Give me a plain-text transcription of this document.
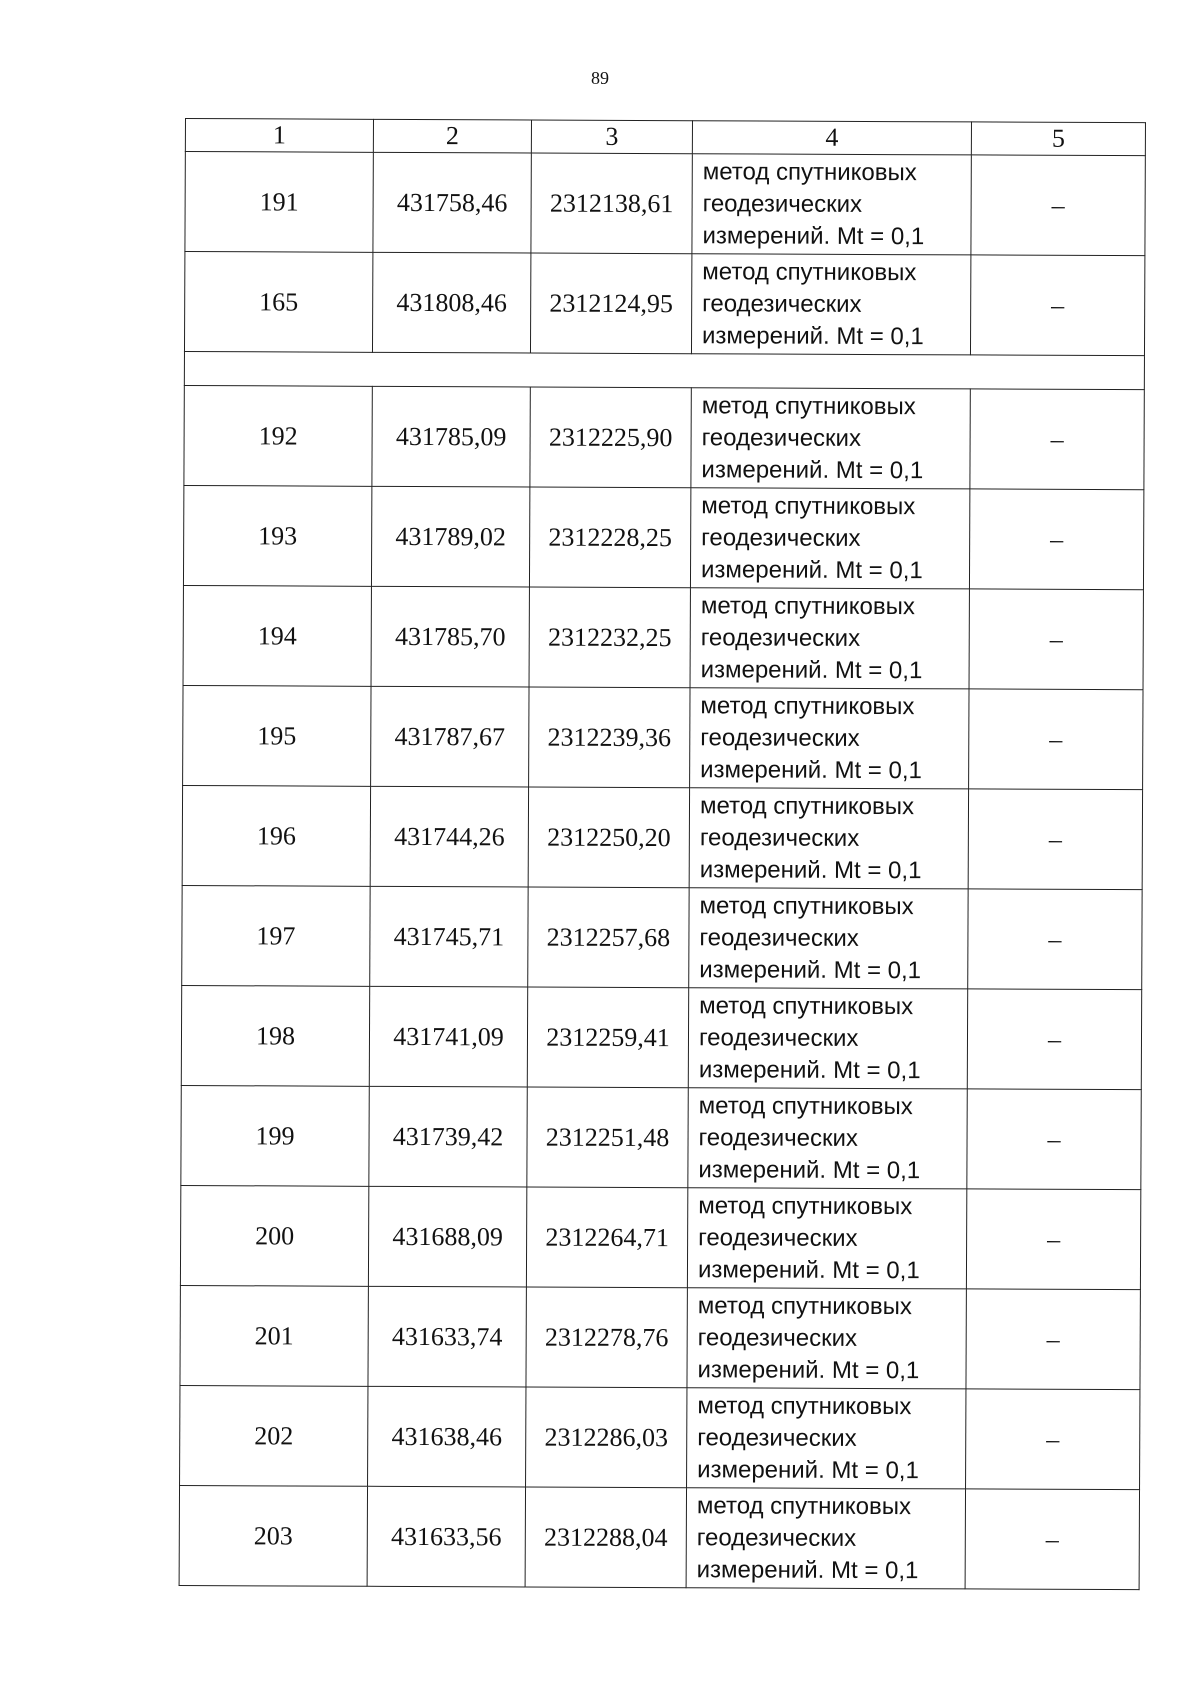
89
1	2	3	4	5
191	431758,46	2312138,61	метод спутниковых
геодезических
измерений. Mt = 0,1	–
165	431808,46	2312124,95	метод спутниковых
геодезических
измерений. Mt = 0,1	–

192	431785,09	2312225,90	метод спутниковых
геодезических
измерений. Mt = 0,1	–
193	431789,02	2312228,25	метод спутниковых
геодезических
измерений. Mt = 0,1	–
194	431785,70	2312232,25	метод спутниковых
геодезических
измерений. Mt = 0,1	–
195	431787,67	2312239,36	метод спутниковых
геодезических
измерений. Mt = 0,1	–
196	431744,26	2312250,20	метод спутниковых
геодезических
измерений. Mt = 0,1	–
197	431745,71	2312257,68	метод спутниковых
геодезических
измерений. Mt = 0,1	–
198	431741,09	2312259,41	метод спутниковых
геодезических
измерений. Mt = 0,1	–
199	431739,42	2312251,48	метод спутниковых
геодезических
измерений. Mt = 0,1	–
200	431688,09	2312264,71	метод спутниковых
геодезических
измерений. Mt = 0,1	–
201	431633,74	2312278,76	метод спутниковых
геодезических
измерений. Mt = 0,1	–
202	431638,46	2312286,03	метод спутниковых
геодезических
измерений. Mt = 0,1	–
203	431633,56	2312288,04	метод спутниковых
геодезических
измерений. Mt = 0,1	–
